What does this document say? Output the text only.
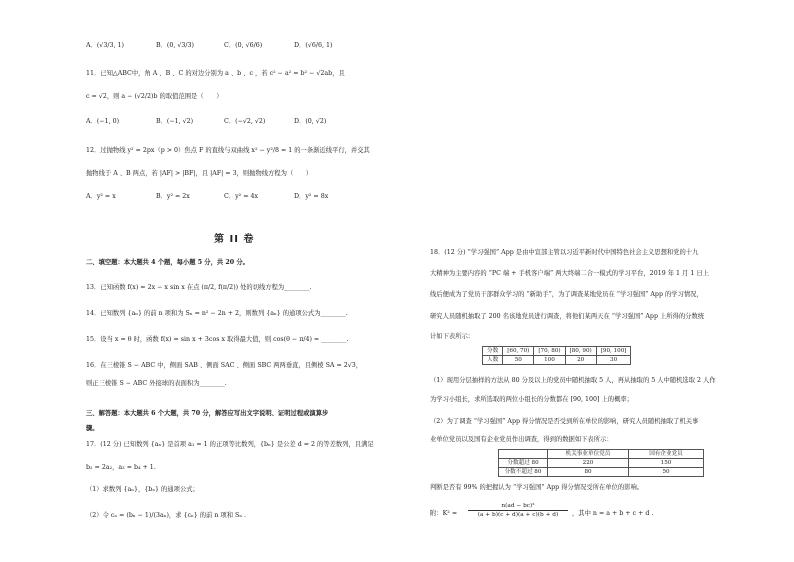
A．(√3/3, 1)	B．(0, √3/3)	C．(0, √6/6)	D．(√6/6, 1)
11．已知△ABC中，角 A 、B 、C 的对边分别为 a 、b 、c ，若 c² − a² = b² − √2ab，且
c = √2，则 a − (√2/2)b 的取值范围是（　　）
A．(−1, 0)	B．(−1, √2)	C．(−√2, √2)	D．(0, √2)
12．过抛物线 y² = 2px（p > 0）焦点 F 的直线与双曲线 x² − y²/8 = 1 的一条渐近线平行，并交其
抛物线于 A 、B 两点，若 |AF| > |BF|，且 |AF| = 3，则抛物线方程为（　　）
A．y² = x	B．y² = 2x	C．y² = 4x	D．y² = 8x
第 II 卷
二、填空题：本大题共 4 个题，每小题 5 分，共 20 分。
13．已知函数 f(x) = 2x − x sin x 在点 (π/2, f(π/2)) 处的切线方程为________.
14．已知数列 {aₙ} 的前 n 项和为 Sₙ = n² − 2n + 2，则数列 {aₙ} 的通项公式为________.
15．设当 x = θ 时，函数 f(x) = sin x + 3cos x 取得最大值，则 cos(θ − π/4) = ________.
16．在三棱锥 S − ABC 中，侧面 SAB 、侧面 SAC 、侧面 SBC 两两垂直，且侧棱 SA = 2√3，
则正三棱锥 S − ABC 外接球的表面积为________.
三、解答题：本大题共 6 个大题，共 70 分，解答应写出文字说明、证明过程或演算步
骤。
17．(12 分) 已知数列 {aₙ} 是首项 a₁ = 1 的正项等比数列，{bₙ} 是公差 d = 2 的等差数列，且满足
b₂ = 2a₂，a₃ = b₄ + 1.
（1）求数列 {aₙ}，{bₙ} 的通项公式；
（2）令 cₙ = (bₙ − 1)/(3aₙ)，求 {cₙ} 的前 n 项和 Sₙ .
18．(12 分) “学习强国” App 是由中宣部主管以习近平新时代中国特色社会主义思想和党的十九
大精神为主要内容的 “PC 端 + 手机客户端” 两大终端二合一模式的学习平台，2019 年 1 月 1 日上
线后便成为了党员干部群众学习的 “新助手”，为了调查某地党员在 “学习强国” App 的学习情况，
研究人员随机抽取了 200 名该地党员进行调查，将他们某两天在 “学习强国” App 上所得的分数统
计如下表所示：
分数	[60, 70)	[70, 80)	[80, 90)	[90, 100]
人数	50	100	20	30
（1）现用分层抽样的方法从 80 分及以上的党员中随机抽取 5 人，再从抽取的 5 人中随机选取 2 人作
为学习小组长，求所选取的两位小组长的分数都在 [90, 100] 上的概率；
（2）为了调查 “学习强国” App 得分情况是否受到所在单位的影响，研究人员随机抽取了机关事
业单位党员以及国有企业党员作出调查，得到的数据如下表所示：
	机关事业单位党员	国有企业党员
分数超过 80	220	150
分数不超过 80	80	50
判断是否有 99% 的把握认为 “学习强国” App 得分情况受所在单位的影响。
附：$K^2 = \frac{\text{n(ad − bc)²}}{(a + b)(c + d)(a + c)(b + d)}$ ，其中 n = a + b + c + d .
